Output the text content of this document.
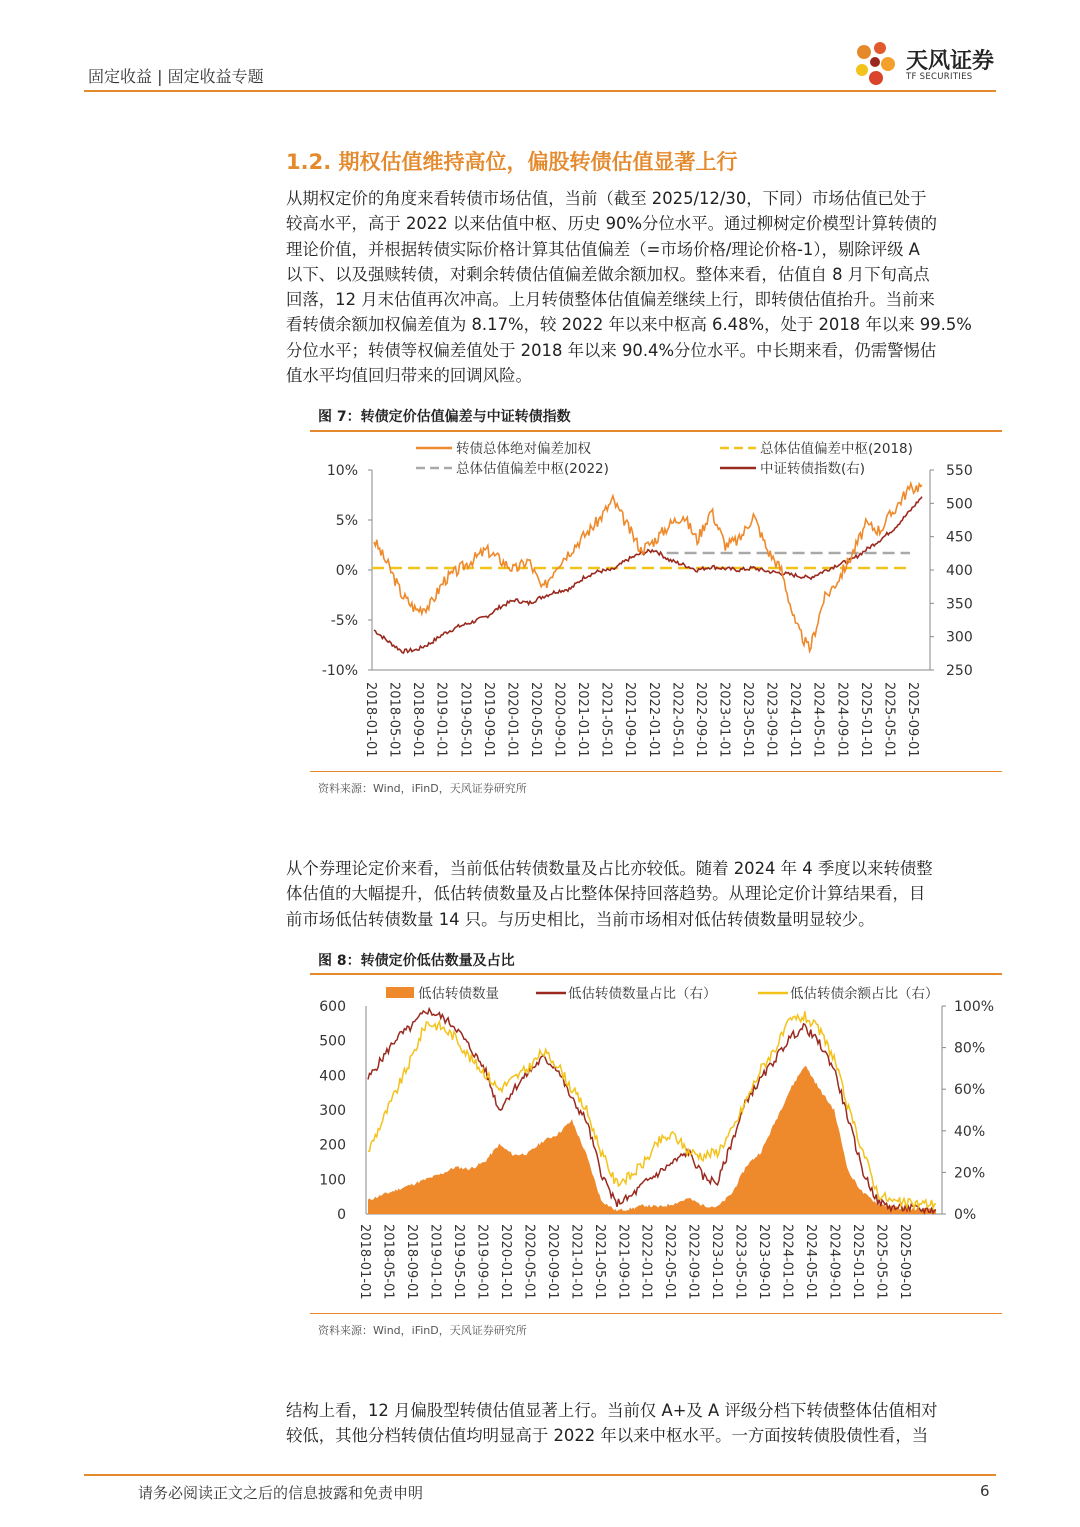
固定收益 | 固定收益专题
天风证券
TF SECURITIES
1.2. 期权估值维持高位，偏股转债估值显著上行

从期权定价的角度来看转债市场估值，当前（截至 2025/12/30，下同）市场估值已处于

较高水平，高于 2022 以来估值中枢、历史 90%分位水平。通过柳树定价模型计算转债的

理论价值，并根据转债实际价格计算其估值偏差（=市场价格/理论价格-1），剔除评级 A

以下、以及强赎转债，对剩余转债估值偏差做余额加权。整体来看，估值自 8 月下旬高点

回落，12 月末估值再次冲高。上月转债整体估值偏差继续上行，即转债估值抬升。当前来

看转债余额加权偏差值为 8.17%，较 2022 年以来中枢高 6.48%，处于 2018 年以来 99.5%

分位水平；转债等权偏差值处于 2018 年以来 90.4%分位水平。中长期来看，仍需警惕估

值水平均值回归带来的回调风险。

图 7：转债定价估值偏差与中证转债指数
10%
5%
0%
-5%
-10%
550
500
450
400
350
300
250
2018-01-01 2018-05-01 2018-09-01 2019-01-01 2019-05-01 2019-09-01 2020-01-01 2020-05-01 2020-09-01 2021-01-01 2021-05-01 2021-09-01 2022-01-01 2022-05-01 2022-09-01 2023-01-01 2023-05-01 2023-09-01 2024-01-01 2024-05-01 2024-09-01 2025-01-01 2025-05-01 2025-09-01
转债总体绝对偏差加权	总体估值偏差中枢(2018)
总体估值偏差中枢(2022)	中证转债指数(右)
资料来源：Wind，iFinD，天风证券研究所

从个券理论定价来看，当前低估转债数量及占比亦较低。随着 2024 年 4 季度以来转债整

体估值的大幅提升，低估转债数量及占比整体保持回落趋势。从理论定价计算结果看，目

前市场低估转债数量 14 只。与历史相比，当前市场相对低估转债数量明显较少。

图 8：转债定价低估数量及占比
600
500
400
300
200
100
0
100%
80%
60%
40%
20%
0%
2018-01-01 2018-05-01 2018-09-01 2019-01-01 2019-05-01 2019-09-01 2020-01-01 2020-05-01 2020-09-01 2021-01-01 2021-05-01 2021-09-01 2022-01-01 2022-05-01 2022-09-01 2023-01-01 2023-05-01 2023-09-01 2024-01-01 2024-05-01 2024-09-01 2025-01-01 2025-05-01 2025-09-01
低估转债数量	低估转债数量占比（右）	低估转债余额占比（右）
资料来源：Wind，iFinD，天风证券研究所

结构上看，12 月偏股型转债估值显著上行。当前仅 A+及 A 评级分档下转债整体估值相对

较低，其他分档转债估值均明显高于 2022 年以来中枢水平。一方面按转债股债性看，当

请务必阅读正文之后的信息披露和免责申明	6
